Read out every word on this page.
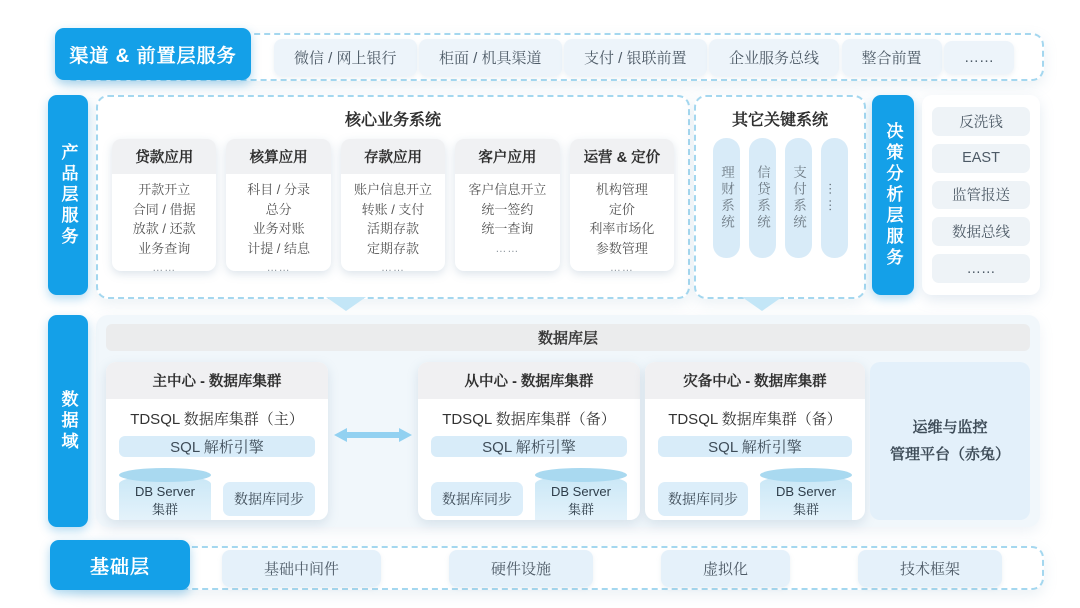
渠道 & 前置层服务	微信 / 网上银行	柜面 / 机具渠道	支付 / 银联前置	企业服务总线	整合前置	……
产品层服务
核心业务系统
贷款应用
开款开立
合同 / 借据
放款 / 还款
业务查询
……
核算应用
科目 / 分录
总分
业务对账
计提 / 结息
……
存款应用
账户信息开立
转账 / 支付
活期存款
定期存款
……
客户应用
客户信息开立
统一签约
统一查询
……
运营 & 定价
机构管理
定价
利率市场化
参数管理
……
其它关键系统
理财系统	信贷系统	支付系统	……	决策分析层服务	反洗钱
EAST
监管报送
数据总线
……
数据域
数据库层
主中心 - 数据库集群
TDSQL 数据库集群（主）
SQL 解析引擎
DB Server
集群
数据库同步
从中心 - 数据库集群
TDSQL 数据库集群（备）
SQL 解析引擎
数据库同步	DB Server
集群
灾备中心 - 数据库集群
TDSQL 数据库集群（备）
SQL 解析引擎
数据库同步	DB Server
集群
运维与监控
管理平台（赤兔）
基础层	基础中间件	硬件设施	虚拟化	技术框架
